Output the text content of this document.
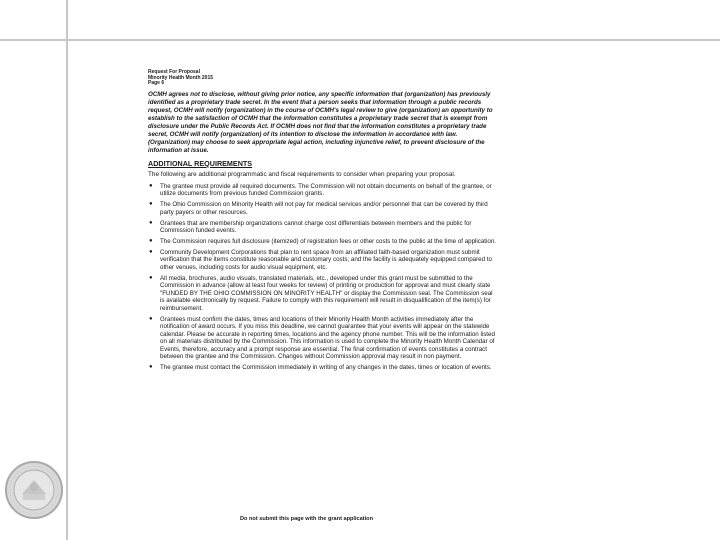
Request For Proposal
Minority Health Month 2015
Page 6
OCMH agrees not to disclose, without giving prior notice, any specific information that (organization) has previously identified as a proprietary trade secret. In the event that a person seeks that information through a public records request, OCMH will notify (organization) in the course of OCMH's legal review to give (organization) an opportunity to establish to the satisfaction of OCMH that the information constitutes a proprietary trade secret that is exempt from disclosure under the Public Records Act. If OCMH does not find that the information constitutes a proprietary trade secret, OCMH will notify (organization) of its intention to disclose the information in accordance with law. (Organization) may choose to seek appropriate legal action, including injunctive relief, to prevent disclosure of the information at issue.
ADDITIONAL REQUIREMENTS
The following are additional programmatic and fiscal requirements to consider when preparing your proposal.
● The grantee must provide all required documents. The Commission will not obtain documents on behalf of the grantee, or utilize documents from previous funded Commission grants.
● The Ohio Commission on Minority Health will not pay for medical services and/or personnel that can be covered by third party payers or other resources.
● Grantees that are membership organizations cannot charge cost differentials between members and the public for Commission funded events.
● The Commission requires full disclosure (itemized) of registration fees or other costs to the public at the time of application.
● Community Development Corporations that plan to rent space from an affiliated faith-based organization must submit verification that the items constitute reasonable and customary costs; and the facility is adequately equipped compared to other venues, including costs for audio visual equipment, etc.
● All media, brochures, audio visuals, translated materials, etc., developed under this grant must be submitted to the Commission in advance (allow at least four weeks for review) of printing or production for approval and must clearly state "FUNDED BY THE OHIO COMMISSION ON MINORITY HEALTH" or display the Commission seal. The Commission seal is available electronically by request. Failure to comply with this requirement will result in disqualification of the item(s) for reimbursement.
● Grantees must confirm the dates, times and locations of their Minority Health Month activities immediately after the notification of award occurs. If you miss this deadline, we cannot guarantee that your events will appear on the statewide calendar. Please be accurate in reporting times, locations and the agency phone number. This will be the information listed on all materials distributed by the Commission. This information is used to complete the Minority Health Month Calendar of Events, therefore, accuracy and a prompt response are essential. The final confirmation of events constitutes a contract between the grantee and the Commission. Changes without Commission approval may result in non payment.
● The grantee must contact the Commission immediately in writing of any changes in the dates, times or location of events.
Do not submit this page with the grant application
